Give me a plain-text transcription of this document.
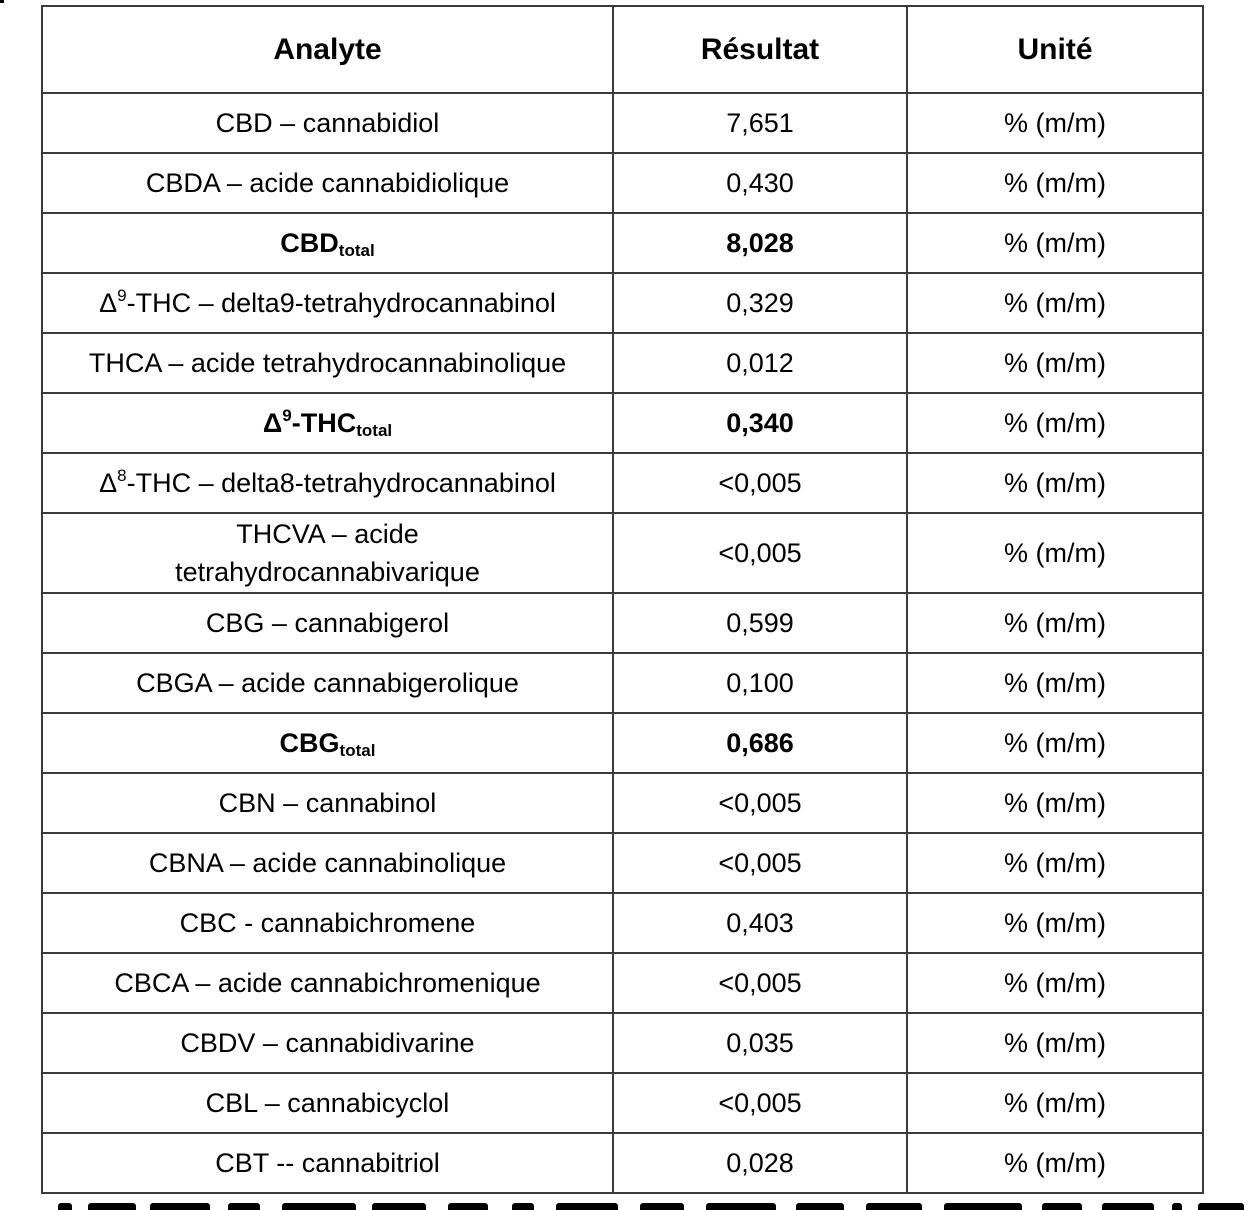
Analyte	Résultat	Unité
CBD – cannabidiol	7,651	% (m/m)
CBDA – acide cannabidiolique	0,430	% (m/m)
$CBD_{total}$	8,028	% (m/m)
$\Delta^9$-THC – delta9-tetrahydrocannabinol	0,329	% (m/m)
THCA – acide tetrahydrocannabinolique	0,012	% (m/m)
$\Delta^9-THC_{total}$	0,340	% (m/m)
$\Delta^8$-THC – delta8-tetrahydrocannabinol	<0,005	% (m/m)
THCVA – acide tetrahydrocannabivarique	<0,005	% (m/m)
CBG – cannabigerol	0,599	% (m/m)
CBGA – acide cannabigerolique	0,100	% (m/m)
$CBG_{total}$	0,686	% (m/m)
CBN – cannabinol	<0,005	% (m/m)
CBNA – acide cannabinolique	<0,005	% (m/m)
CBC - cannabichromene	0,403	% (m/m)
CBCA – acide cannabichromenique	<0,005	% (m/m)
CBDV – cannabidivarine	0,035	% (m/m)
CBL – cannabicyclol	<0,005	% (m/m)
CBT -- cannabitriol	0,028	% (m/m)
